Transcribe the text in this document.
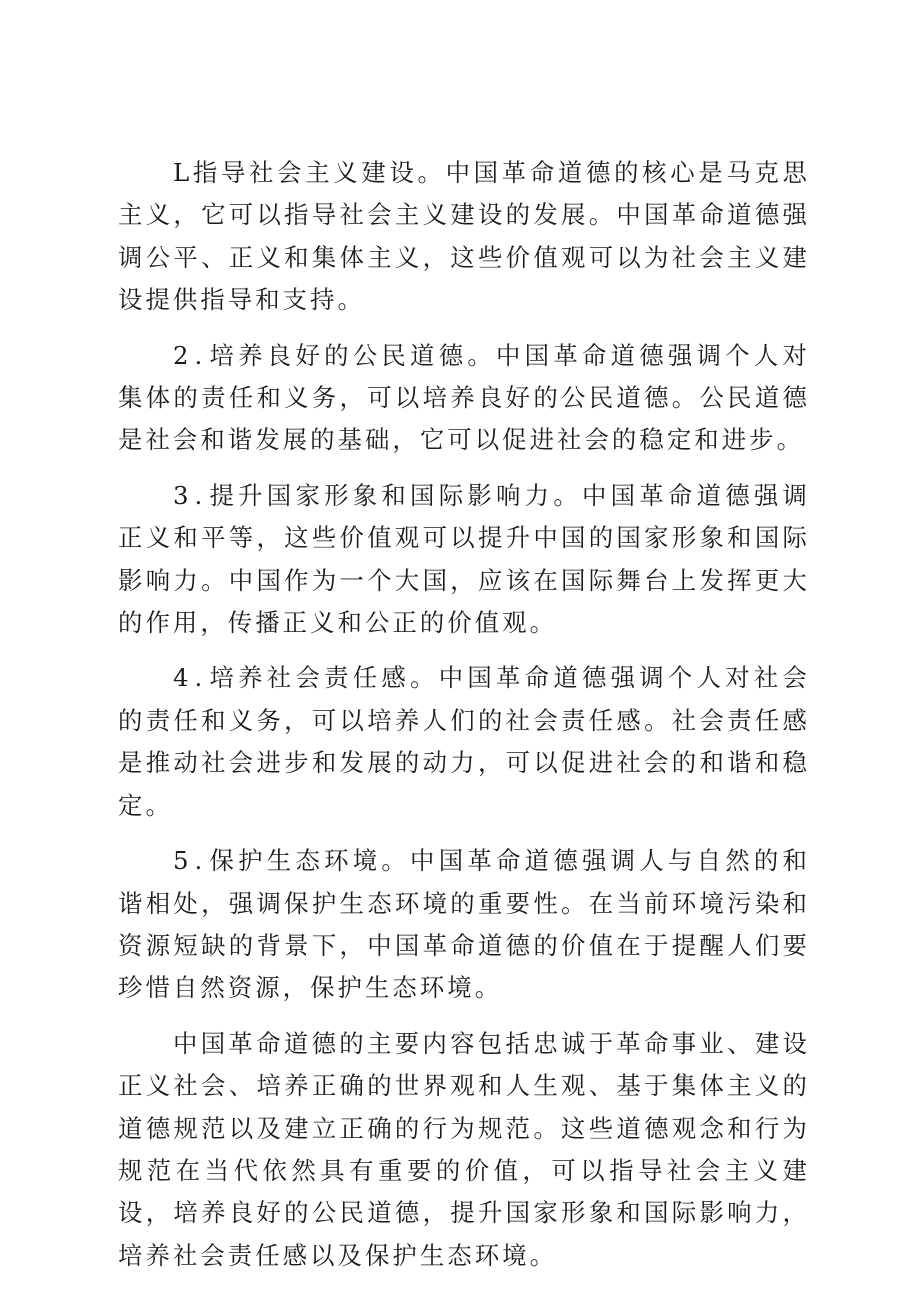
L指导社会主义建设。中国革命道德的核心是马克思主义，它可以指导社会主义建设的发展。中国革命道德强调公平、正义和集体主义，这些价值观可以为社会主义建设提供指导和支持。

2.培养良好的公民道德。中国革命道德强调个人对集体的责任和义务，可以培养良好的公民道德。公民道德是社会和谐发展的基础，它可以促进社会的稳定和进步。

3.提升国家形象和国际影响力。中国革命道德强调正义和平等，这些价值观可以提升中国的国家形象和国际影响力。中国作为一个大国，应该在国际舞台上发挥更大的作用，传播正义和公正的价值观。

4.培养社会责任感。中国革命道德强调个人对社会的责任和义务，可以培养人们的社会责任感。社会责任感是推动社会进步和发展的动力，可以促进社会的和谐和稳定。

5.保护生态环境。中国革命道德强调人与自然的和谐相处，强调保护生态环境的重要性。在当前环境污染和资源短缺的背景下，中国革命道德的价值在于提醒人们要珍惜自然资源，保护生态环境。

中国革命道德的主要内容包括忠诚于革命事业、建设正义社会、培养正确的世界观和人生观、基于集体主义的道德规范以及建立正确的行为规范。这些道德观念和行为规范在当代依然具有重要的价值，可以指导社会主义建设，培养良好的公民道德，提升国家形象和国际影响力，培养社会责任感以及保护生态环境。
